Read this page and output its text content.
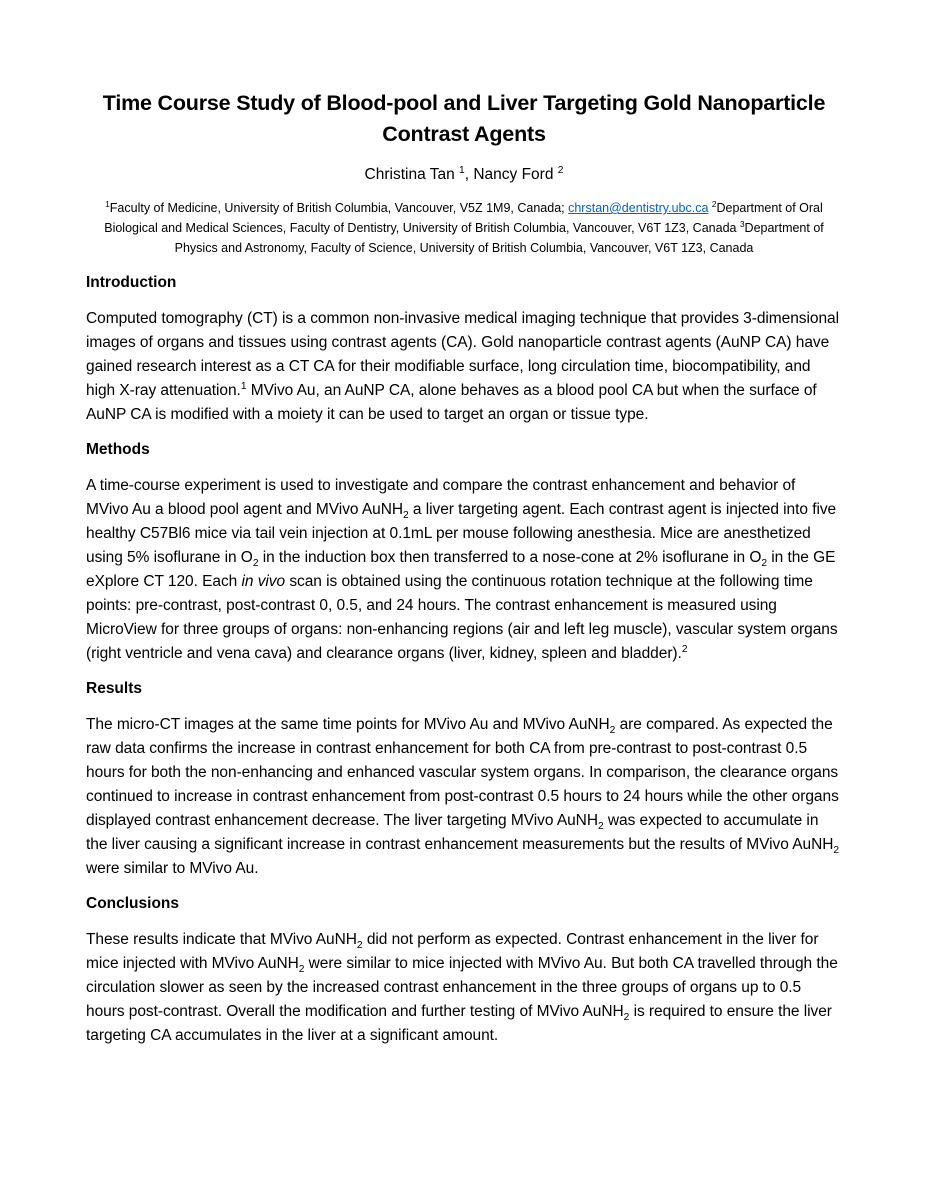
Time Course Study of Blood-pool and Liver Targeting Gold Nanoparticle Contrast Agents
Christina Tan $^1$, Nancy Ford $^2$
$^1$Faculty of Medicine, University of British Columbia, Vancouver, V5Z 1M9, Canada; chrstan@dentistry.ubc.ca $^2$Department of Oral Biological and Medical Sciences, Faculty of Dentistry, University of British Columbia, Vancouver, V6T 1Z3, Canada $^3$Department of Physics and Astronomy, Faculty of Science, University of British Columbia, Vancouver, V6T 1Z3, Canada
Introduction

Computed tomography (CT) is a common non-invasive medical imaging technique that provides 3-dimensional images of organs and tissues using contrast agents (CA). Gold nanoparticle contrast agents (AuNP CA) have gained research interest as a CT CA for their modifiable surface, long circulation time, biocompatibility, and high X-ray attenuation.$^1$ MVivo Au, an AuNP CA, alone behaves as a blood pool CA but when the surface of AuNP CA is modified with a moiety it can be used to target an organ or tissue type.

Methods

A time-course experiment is used to investigate and compare the contrast enhancement and behavior of MVivo Au a blood pool agent and MVivo AuNH$_2$ a liver targeting agent. Each contrast agent is injected into five healthy C57Bl6 mice via tail vein injection at 0.1mL per mouse following anesthesia. Mice are anesthetized using 5% isoflurane in $O_2$ in the induction box then transferred to a nose-cone at 2% isoflurane in $O_2$ in the GE eXplore CT 120. Each in vivo scan is obtained using the continuous rotation technique at the following time points: pre-contrast, post-contrast 0, 0.5, and 24 hours. The contrast enhancement is measured using MicroView for three groups of organs: non-enhancing regions (air and left leg muscle), vascular system organs (right ventricle and vena cava) and clearance organs (liver, kidney, spleen and bladder).$^2$

Results

The micro-CT images at the same time points for MVivo Au and MVivo AuNH$_2$ are compared. As expected the raw data confirms the increase in contrast enhancement for both CA from pre-contrast to post-contrast 0.5 hours for both the non-enhancing and enhanced vascular system organs. In comparison, the clearance organs continued to increase in contrast enhancement from post-contrast 0.5 hours to 24 hours while the other organs displayed contrast enhancement decrease. The liver targeting MVivo AuNH$_2$ was expected to accumulate in the liver causing a significant increase in contrast enhancement measurements but the results of MVivo AuNH$_2$ were similar to MVivo Au.

Conclusions

These results indicate that MVivo AuNH$_2$ did not perform as expected. Contrast enhancement in the liver for mice injected with MVivo AuNH$_2$ were similar to mice injected with MVivo Au. But both CA travelled through the circulation slower as seen by the increased contrast enhancement in the three groups of organs up to 0.5 hours post-contrast. Overall the modification and further testing of MVivo AuNH$_2$ is required to ensure the liver targeting CA accumulates in the liver at a significant amount.
